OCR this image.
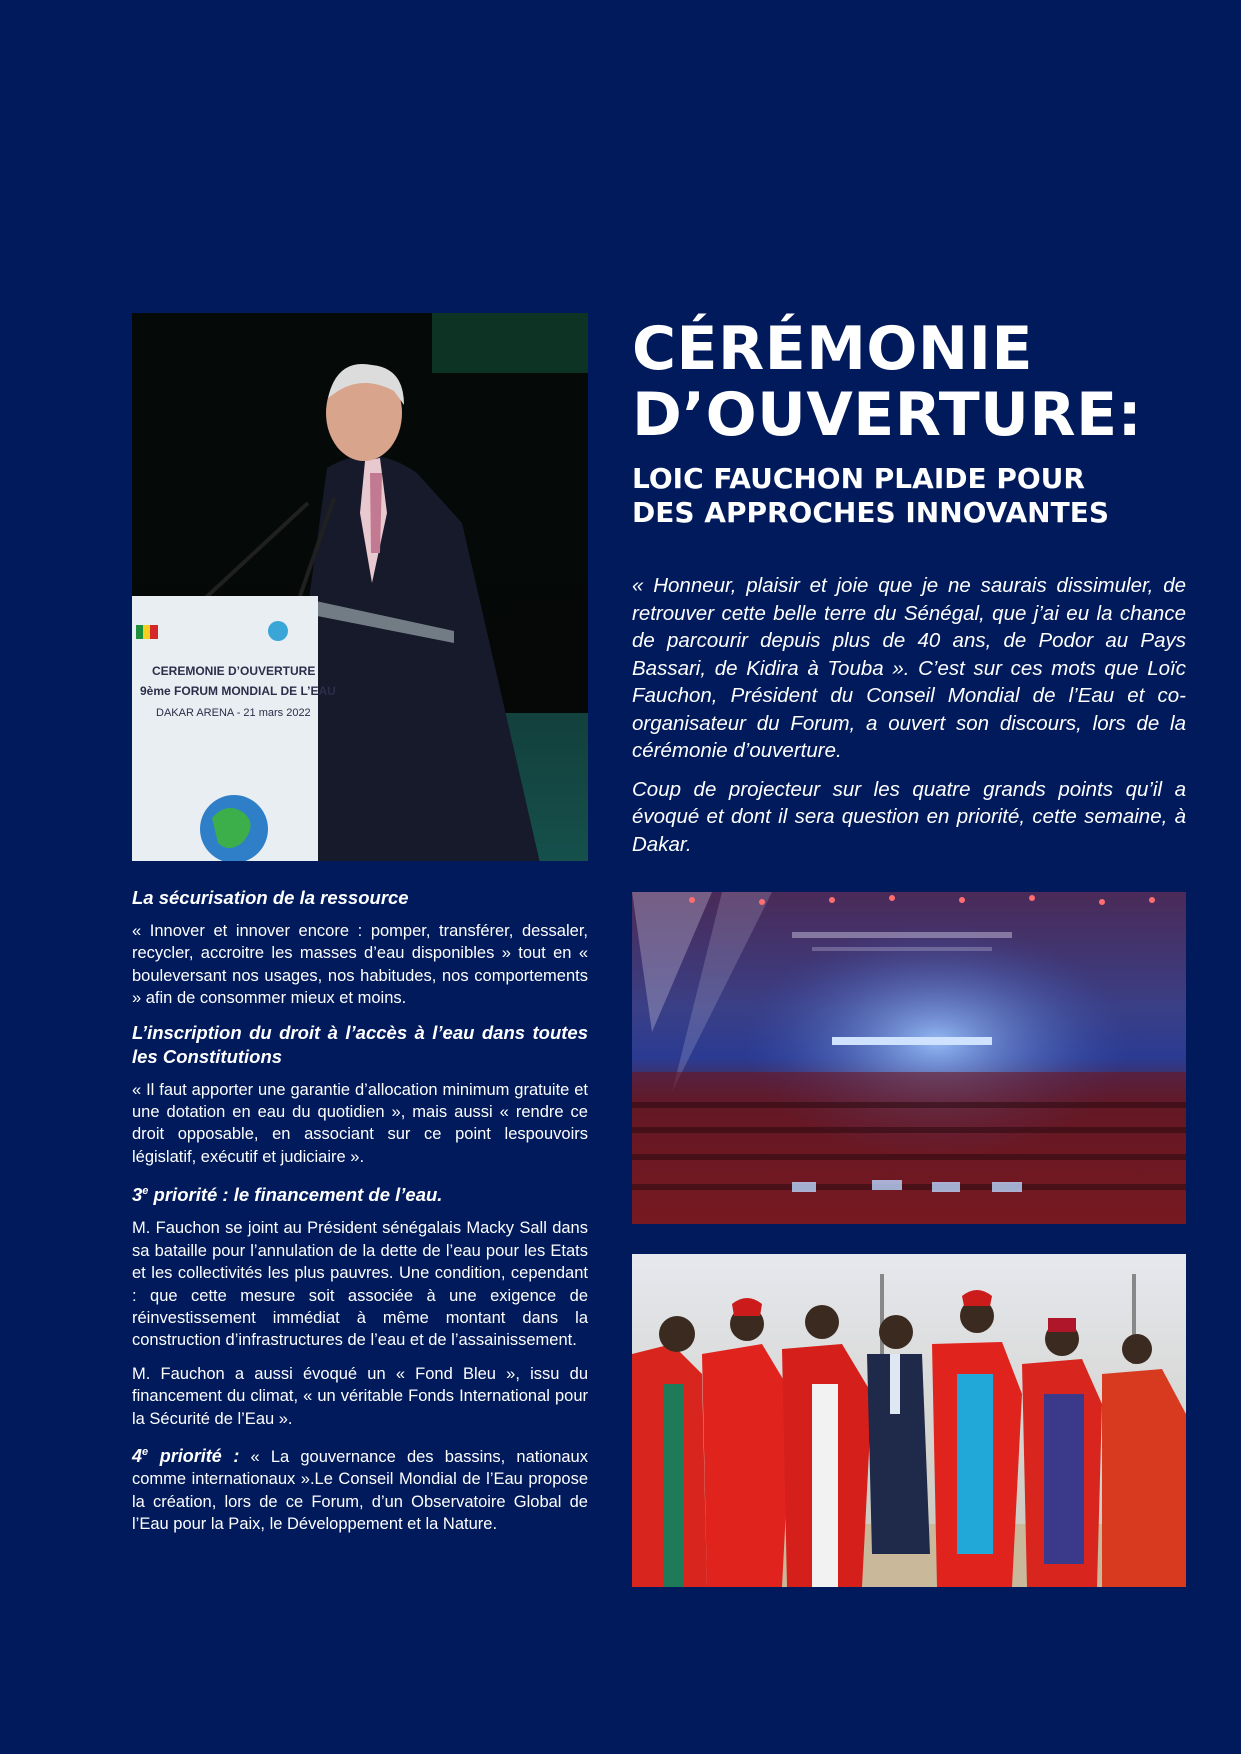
CEREMONIE D’OUVERTURE
9ème FORUM MONDIAL DE L’EAU
DAKAR ARENA - 21 mars 2022
CÉRÉMONIE
D’OUVERTURE:
LOIC FAUCHON PLAIDE POUR
DES APPROCHES INNOVANTES

« Honneur, plaisir et joie que je ne saurais dissimuler, de retrouver cette belle terre du Sénégal, que j’ai eu la chance de parcourir depuis plus de 40 ans, de Podor au Pays Bassari, de Kidira à Touba ». C’est sur ces mots que Loïc Fauchon, Président du Conseil Mondial de l’Eau et co-organisateur du Forum, a ouvert son discours, lors de la cérémonie d’ouverture.

Coup de projecteur sur les quatre grands points qu’il a évoqué et dont il sera question en priorité, cette semaine, à Dakar.

La sécurisation de la ressource

« Innover et innover encore : pomper, transférer, dessaler, recycler, accroitre les masses d’eau disponibles » tout en « bouleversant nos usages, nos habitudes, nos comportements » afin de consommer mieux et moins.

L’inscription du droit à l’accès à l’eau dans toutes les Constitutions

« Il faut apporter une garantie d’allocation minimum gratuite et une dotation en eau du quotidien », mais aussi « rendre ce droit opposable, en associant sur ce point lespouvoirs législatif, exécutif et judiciaire ».

3e priorité : le financement de l’eau.

M. Fauchon se joint au Président sénégalais Macky Sall dans sa bataille pour l’annulation de la dette de l’eau pour les Etats et les collectivités les plus pauvres. Une condition, cependant : que cette mesure soit associée à une exigence de réinvestissement immédiat à même montant dans la construction d’infrastructures de l’eau et de l’assainissement.

M. Fauchon a aussi évoqué un « Fond Bleu », issu du financement du climat, « un véritable Fonds International pour la Sécurité de l’Eau ».

4e priorité : « La gouvernance des bassins, nationaux comme internationaux ».Le Conseil Mondial de l’Eau propose la création, lors de ce Forum, d’un Observatoire Global de l’Eau pour la Paix, le Développement et la Nature.
